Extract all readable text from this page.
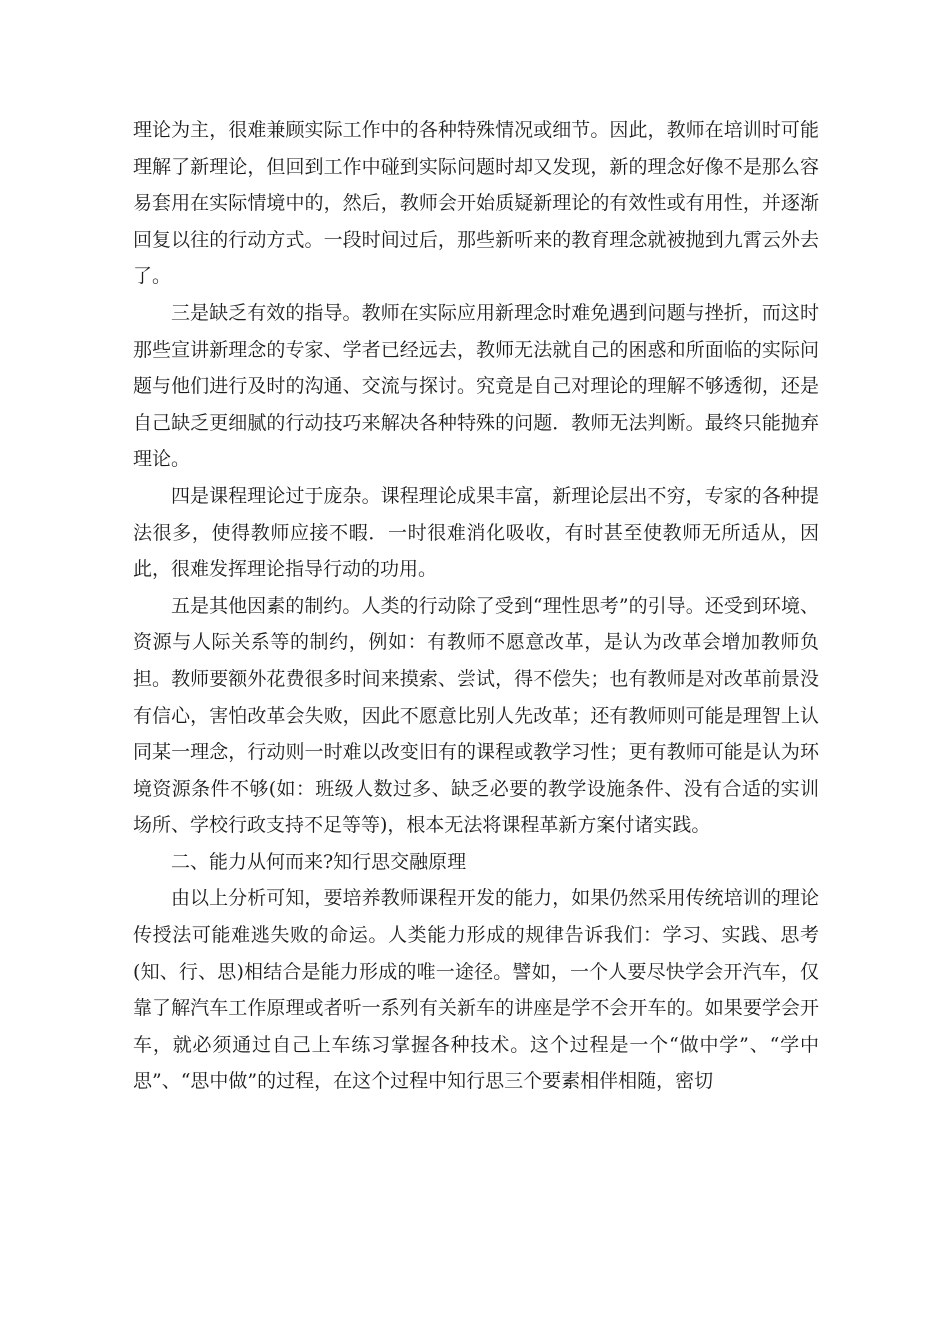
理论为主，很难兼顾实际工作中的各种特殊情况或细节。因此，教师在培训时可能理解了新理论，但回到工作中碰到实际问题时却又发现，新的理念好像不是那么容易套用在实际情境中的，然后，教师会开始质疑新理论的有效性或有用性，并逐渐回复以往的行动方式。一段时间过后，那些新听来的教育理念就被抛到九霄云外去了。

三是缺乏有效的指导。教师在实际应用新理念时难免遇到问题与挫折，而这时那些宣讲新理念的专家、学者已经远去，教师无法就自己的困惑和所面临的实际问题与他们进行及时的沟通、交流与探讨。究竟是自己对理论的理解不够透彻，还是自己缺乏更细腻的行动技巧来解决各种特殊的问题．教师无法判断。最终只能抛弃理论。

四是课程理论过于庞杂。课程理论成果丰富，新理论层出不穷，专家的各种提法很多，使得教师应接不暇．一时很难消化吸收，有时甚至使教师无所适从，因此，很难发挥理论指导行动的功用。

五是其他因素的制约。人类的行动除了受到“理性思考”的引导。还受到环境、资源与人际关系等的制约，例如：有教师不愿意改革，是认为改革会增加教师负担。教师要额外花费很多时间来摸索、尝试，得不偿失；也有教师是对改革前景没有信心，害怕改革会失败，因此不愿意比别人先改革；还有教师则可能是理智上认同某一理念，行动则一时难以改变旧有的课程或教学习性；更有教师可能是认为环境资源条件不够(如：班级人数过多、缺乏必要的教学设施条件、没有合适的实训场所、学校行政支持不足等等)，根本无法将课程革新方案付诸实践。

二、能力从何而来?知行思交融原理

由以上分析可知，要培养教师课程开发的能力，如果仍然采用传统培训的理论传授法可能难逃失败的命运。人类能力形成的规律告诉我们：学习、实践、思考(知、行、思)相结合是能力形成的唯一途径。譬如，一个人要尽快学会开汽车，仅靠了解汽车工作原理或者听一系列有关新车的讲座是学不会开车的。如果要学会开车，就必须通过自己上车练习掌握各种技术。这个过程是一个“做中学”、“学中思”、“思中做”的过程，在这个过程中知行思三个要素相伴相随，密切
